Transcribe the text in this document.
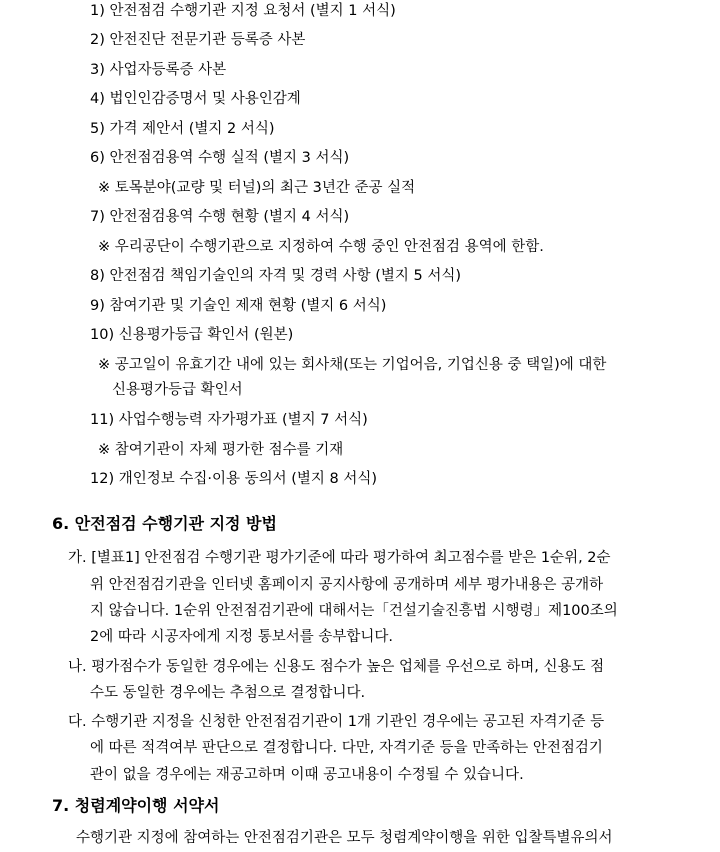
1) 안전점검 수행기관 지정 요청서 (별지 1 서식)
2) 안전진단 전문기관 등록증 사본
3) 사업자등록증 사본
4) 법인인감증명서 및 사용인감계
5) 가격 제안서 (별지 2 서식)
6) 안전점검용역 수행 실적 (별지 3 서식)
※ 토목분야(교량 및 터널)의 최근 3년간 준공 실적
7) 안전점검용역 수행 현황 (별지 4 서식)
※ 우리공단이 수행기관으로 지정하여 수행 중인 안전점검 용역에 한함.
8) 안전점검 책임기술인의 자격 및 경력 사항 (별지 5 서식)
9) 참여기관 및 기술인 제재 현황 (별지 6 서식)
10) 신용평가등급 확인서 (원본)
※ 공고일이 유효기간 내에 있는 회사채(또는 기업어음, 기업신용 중 택일)에 대한
신용평가등급 확인서
11) 사업수행능력 자가평가표 (별지 7 서식)
※ 참여기관이 자체 평가한 점수를 기재
12) 개인정보 수집·이용 동의서 (별지 8 서식)
6. 안전점검 수행기관 지정 방법
가. [별표1] 안전점검 수행기관 평가기준에 따라 평가하여 최고점수를 받은 1순위, 2순
위 안전점검기관을 인터넷 홈페이지 공지사항에 공개하며 세부 평가내용은 공개하
지 않습니다. 1순위 안전점검기관에 대해서는「건설기술진흥법 시행령」제100조의
2에 따라 시공자에게 지정 통보서를 송부합니다.
나. 평가점수가 동일한 경우에는 신용도 점수가 높은 업체를 우선으로 하며, 신용도 점
수도 동일한 경우에는 추첨으로 결정합니다.
다. 수행기관 지정을 신청한 안전점검기관이 1개 기관인 경우에는 공고된 자격기준 등
에 따른 적격여부 판단으로 결정합니다. 다만, 자격기준 등을 만족하는 안전점검기
관이 없을 경우에는 재공고하며 이때 공고내용이 수정될 수 있습니다.
7. 청렴계약이행 서약서
수행기관 지정에 참여하는 안전점검기관은 모두 청렴계약이행을 위한 입찰특별유의서
